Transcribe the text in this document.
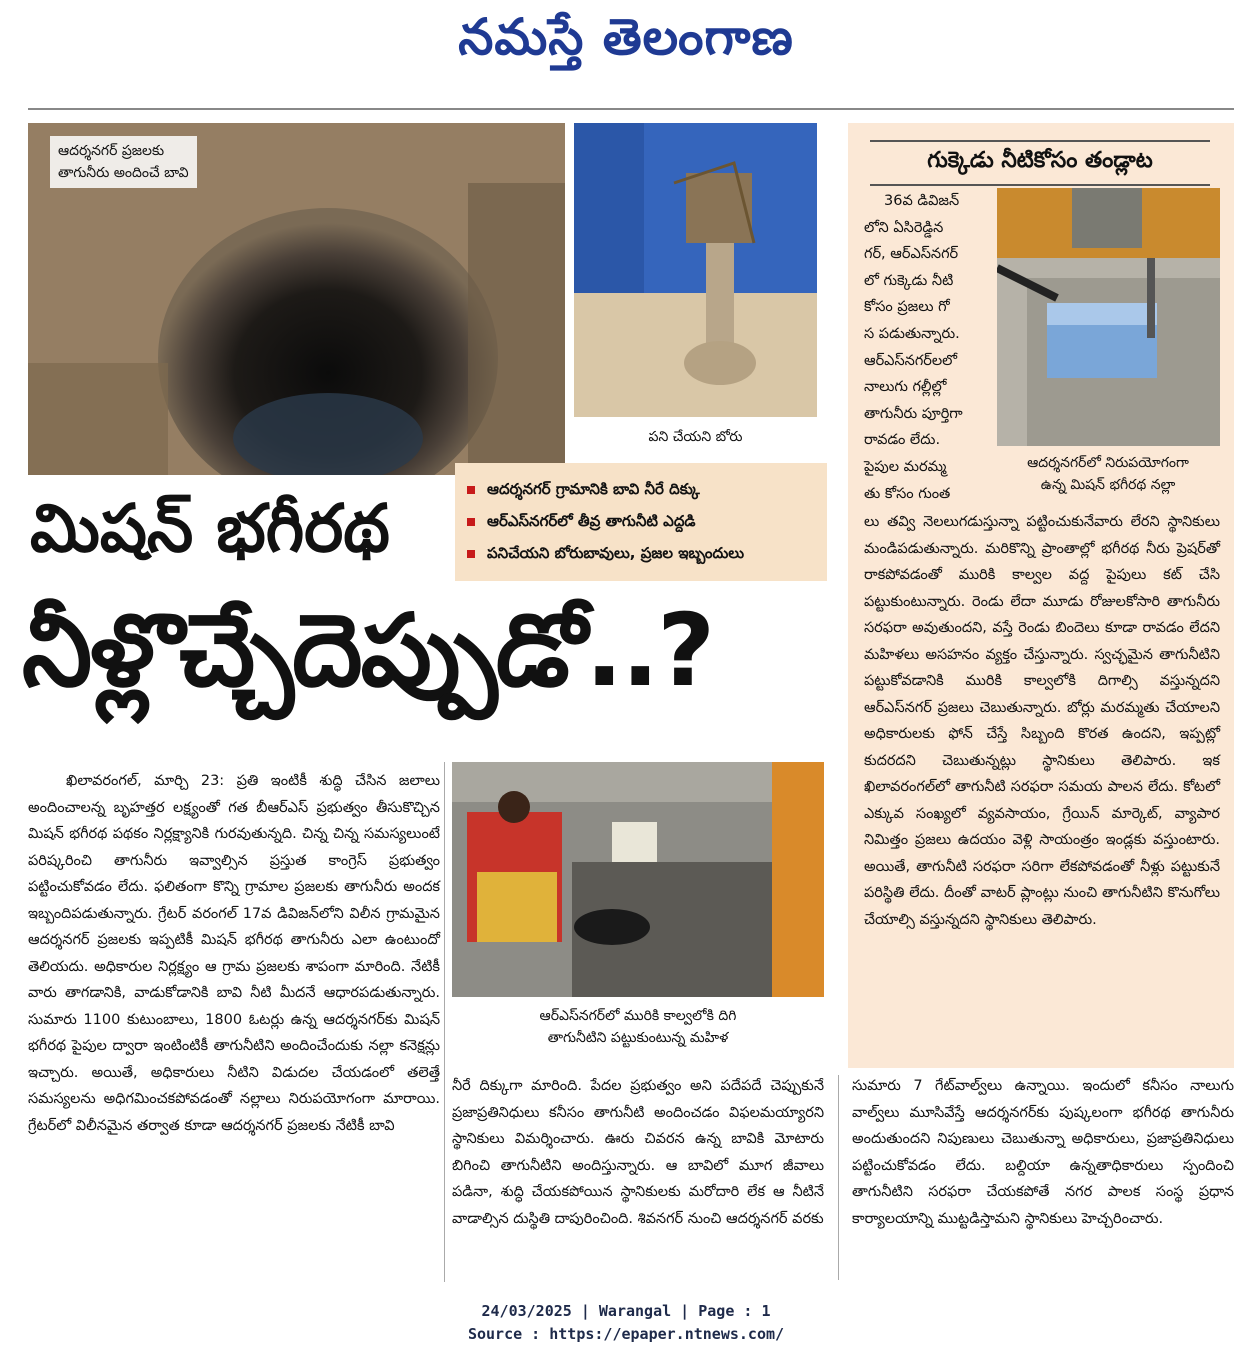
నమస్తే తెలంగాణ
ఆదర్శనగర్ ప్రజలకు
తాగునీరు అందించే బావి
పని చేయని బోరు
గుక్కెడు నీటికోసం తండ్లాట
36వ డివిజన్
లోని ఏసిరెడ్డిన
గర్, ఆర్‌ఎస్‌నగర్
లో గుక్కెడు నీటి
కోసం ప్రజలు గో
స పడుతున్నారు.
ఆర్‌ఎస్‌నగర్‌లలో
నాలుగు గల్లీల్లో
తాగునీరు పూర్తిగా
రావడం లేదు.
పైపుల మరమ్మ
తు కోసం గుంత
ఆదర్శనగర్‌లో నిరుపయోగంగా
ఉన్న మిషన్ భగీరథ నల్లా

లు తవ్వి నెలలుగడుస్తున్నా పట్టించుకునేవారు లేరని స్థానికులు మండిపడుతున్నారు. మరికొన్ని ప్రాంతాల్లో భగీరథ నీరు ప్రెషర్‌తో రాకపోవడంతో మురికి కాల్వల వద్ద పైపులు కట్ చేసి పట్టుకుంటున్నారు. రెండు లేదా మూడు రోజులకోసారి తాగునీరు సరఫరా అవుతుందని, వస్తే రెండు బిందెలు కూడా రావడం లేదని మహిళలు అసహనం వ్యక్తం చేస్తున్నారు. స్వచ్ఛమైన తాగునీటిని పట్టుకోవడానికి మురికి కాల్వలోకి దిగాల్సి వస్తున్నదని ఆర్‌ఎస్‌నగర్ ప్రజలు చెబుతున్నారు. బోర్లు మరమ్మతు చేయాలని అధికారులకు ఫోన్ చేస్తే సిబ్బంది కొరత ఉందని, ఇప్పట్లో కుదరదని చెబుతున్నట్లు స్థానికులు తెలిపారు. ఇక ఖిలావరంగల్‌లో తాగునీటి సరఫరా సమయ పాలన లేదు. కోటలో ఎక్కువ సంఖ్యలో వ్యవసాయం, గ్రేయిన్ మార్కెట్, వ్యాపార నిమిత్తం ప్రజలు ఉదయం వెళ్లి సాయంత్రం ఇండ్లకు వస్తుంటారు. అయితే, తాగునీటి సరఫరా సరిగా లేకపోవడంతో నీళ్లు పట్టుకునే పరిస్థితి లేదు. దీంతో వాటర్ ప్లాంట్లు నుంచి తాగునీటిని కొనుగోలు చేయాల్సి వస్తున్నదని స్థానికులు తెలిపారు.

ఆదర్శనగర్ గ్రామానికి బావి నీరే దిక్కు
ఆర్‌ఎస్‌నగర్‌లో తీవ్ర తాగునీటి ఎద్దడి
పనిచేయని బోరుబావులు, ప్రజల ఇబ్బందులు
మిషన్ భగీరథ
నీళ్లొచ్చేదెప్పుడో..?
ఆర్‌ఎస్‌నగర్‌లో మురికి కాల్వలోకి దిగి
తాగునీటిని పట్టుకుంటున్న మహిళ

ఖిలావరంగల్, మార్చి 23: ప్రతి ఇంటికీ శుద్ధి చేసిన జలాలు అందించాలన్న బృహత్తర లక్ష్యంతో గత బీఆర్‌ఎస్ ప్రభుత్వం తీసుకొచ్చిన మిషన్ భగీరథ పథకం నిర్లక్ష్యానికి గురవుతున్నది. చిన్న చిన్న సమస్యలుంటే పరిష్కరించి తాగునీరు ఇవ్వాల్సిన ప్రస్తుత కాంగ్రెస్ ప్రభుత్వం పట్టించుకోవడం లేదు. ఫలితంగా కొన్ని గ్రామాల ప్రజలకు తాగునీరు అందక ఇబ్బందిపడుతున్నారు. గ్రేటర్ వరంగల్ 17వ డివిజన్‌లోని విలీన గ్రామమైన ఆదర్శనగర్ ప్రజలకు ఇప్పటికీ మిషన్ భగీరథ తాగునీరు ఎలా ఉంటుందో తెలియదు. అధికారుల నిర్లక్ష్యం ఆ గ్రామ ప్రజలకు శాపంగా మారింది. నేటికీ వారు తాగడానికి, వాడుకోడానికి బావి నీటి మీదనే ఆధారపడుతున్నారు. సుమారు 1100 కుటుంబాలు, 1800 ఓటర్లు ఉన్న ఆదర్శనగర్‌కు మిషన్ భగీరథ పైపుల ద్వారా ఇంటింటికీ తాగునీటిని అందించేందుకు నల్లా కనెక్షన్లు ఇచ్చారు. అయితే, అధికారులు నీటిని విడుదల చేయడంలో తలెత్తే సమస్యలను అధిగమించకపోవడంతో నల్లాలు నిరుపయోగంగా మారాయి. గ్రేటర్‌లో విలీనమైన తర్వాత కూడా ఆదర్శనగర్ ప్రజలకు నేటికీ బావి

నీరే దిక్కుగా మారింది. పేదల ప్రభుత్వం అని పదేపదే చెప్పుకునే ప్రజాప్రతినిధులు కనీసం తాగునీటి అందించడం విఫలమయ్యారని స్థానికులు విమర్శించారు. ఊరు చివరన ఉన్న బావికి మోటారు బిగించి తాగునీటిని అందిస్తున్నారు. ఆ బావిలో మూగ జీవాలు పడినా, శుద్ధి చేయకపోయిన స్థానికులకు మరోదారి లేక ఆ నీటినే వాడాల్సిన దుస్థితి దాపురించింది. శివనగర్ నుంచి ఆదర్శనగర్ వరకు

సుమారు 7 గేట్‌వాల్వ్‌లు ఉన్నాయి. ఇందులో కనీసం నాలుగు వాల్వ్‌లు మూసివేస్తే ఆదర్శనగర్‌కు పుష్కలంగా భగీరథ తాగునీరు అందుతుందని నిపుణులు చెబుతున్నా అధికారులు, ప్రజాప్రతినిధులు పట్టించుకోవడం లేదు. బల్దియా ఉన్నతాధికారులు స్పందించి తాగునీటిని సరఫరా చేయకపోతే నగర పాలక సంస్థ ప్రధాన కార్యాలయాన్ని ముట్టడిస్తామని స్థానికులు హెచ్చరించారు.

24/03/2025 | Warangal | Page : 1
Source : https://epaper.ntnews.com/
